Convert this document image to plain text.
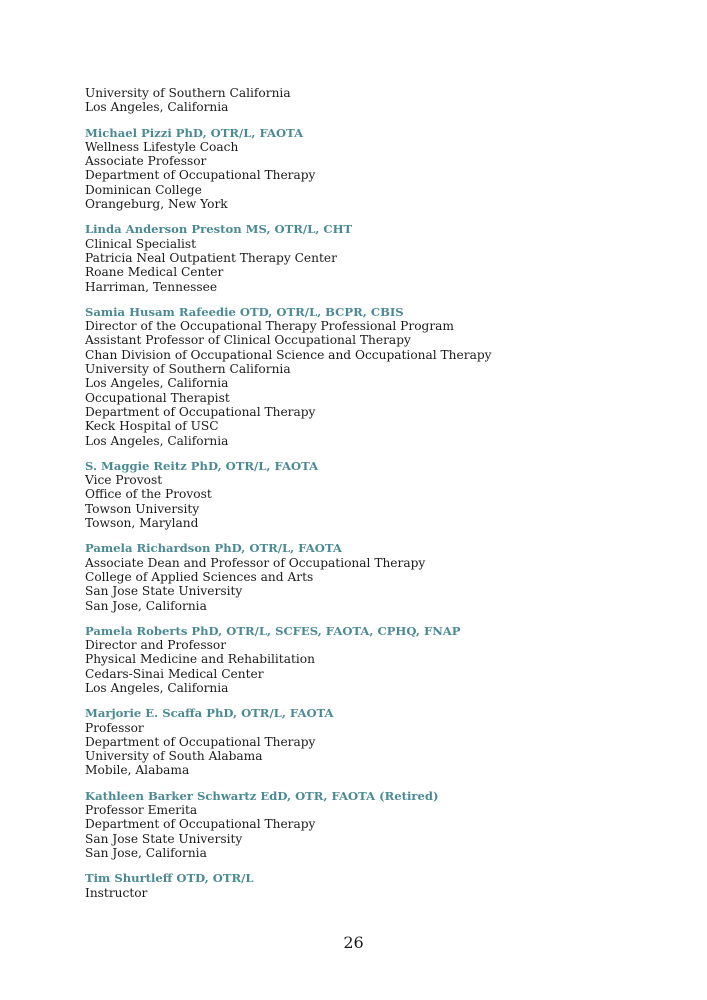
University of Southern California
Los Angeles, California
Michael Pizzi PhD, OTR/L, FAOTA
Wellness Lifestyle Coach
Associate Professor
Department of Occupational Therapy
Dominican College
Orangeburg, New York
Linda Anderson Preston MS, OTR/L, CHT
Clinical Specialist
Patricia Neal Outpatient Therapy Center
Roane Medical Center
Harriman, Tennessee
Samia Husam Rafeedie OTD, OTR/L, BCPR, CBIS
Director of the Occupational Therapy Professional Program
Assistant Professor of Clinical Occupational Therapy
Chan Division of Occupational Science and Occupational Therapy
University of Southern California
Los Angeles, California
Occupational Therapist
Department of Occupational Therapy
Keck Hospital of USC
Los Angeles, California
S. Maggie Reitz PhD, OTR/L, FAOTA
Vice Provost
Office of the Provost
Towson University
Towson, Maryland
Pamela Richardson PhD, OTR/L, FAOTA
Associate Dean and Professor of Occupational Therapy
College of Applied Sciences and Arts
San Jose State University
San Jose, California
Pamela Roberts PhD, OTR/L, SCFES, FAOTA, CPHQ, FNAP
Director and Professor
Physical Medicine and Rehabilitation
Cedars-Sinai Medical Center
Los Angeles, California
Marjorie E. Scaffa PhD, OTR/L, FAOTA
Professor
Department of Occupational Therapy
University of South Alabama
Mobile, Alabama
Kathleen Barker Schwartz EdD, OTR, FAOTA (Retired)
Professor Emerita
Department of Occupational Therapy
San Jose State University
San Jose, California
Tim Shurtleff OTD, OTR/L
Instructor
26
